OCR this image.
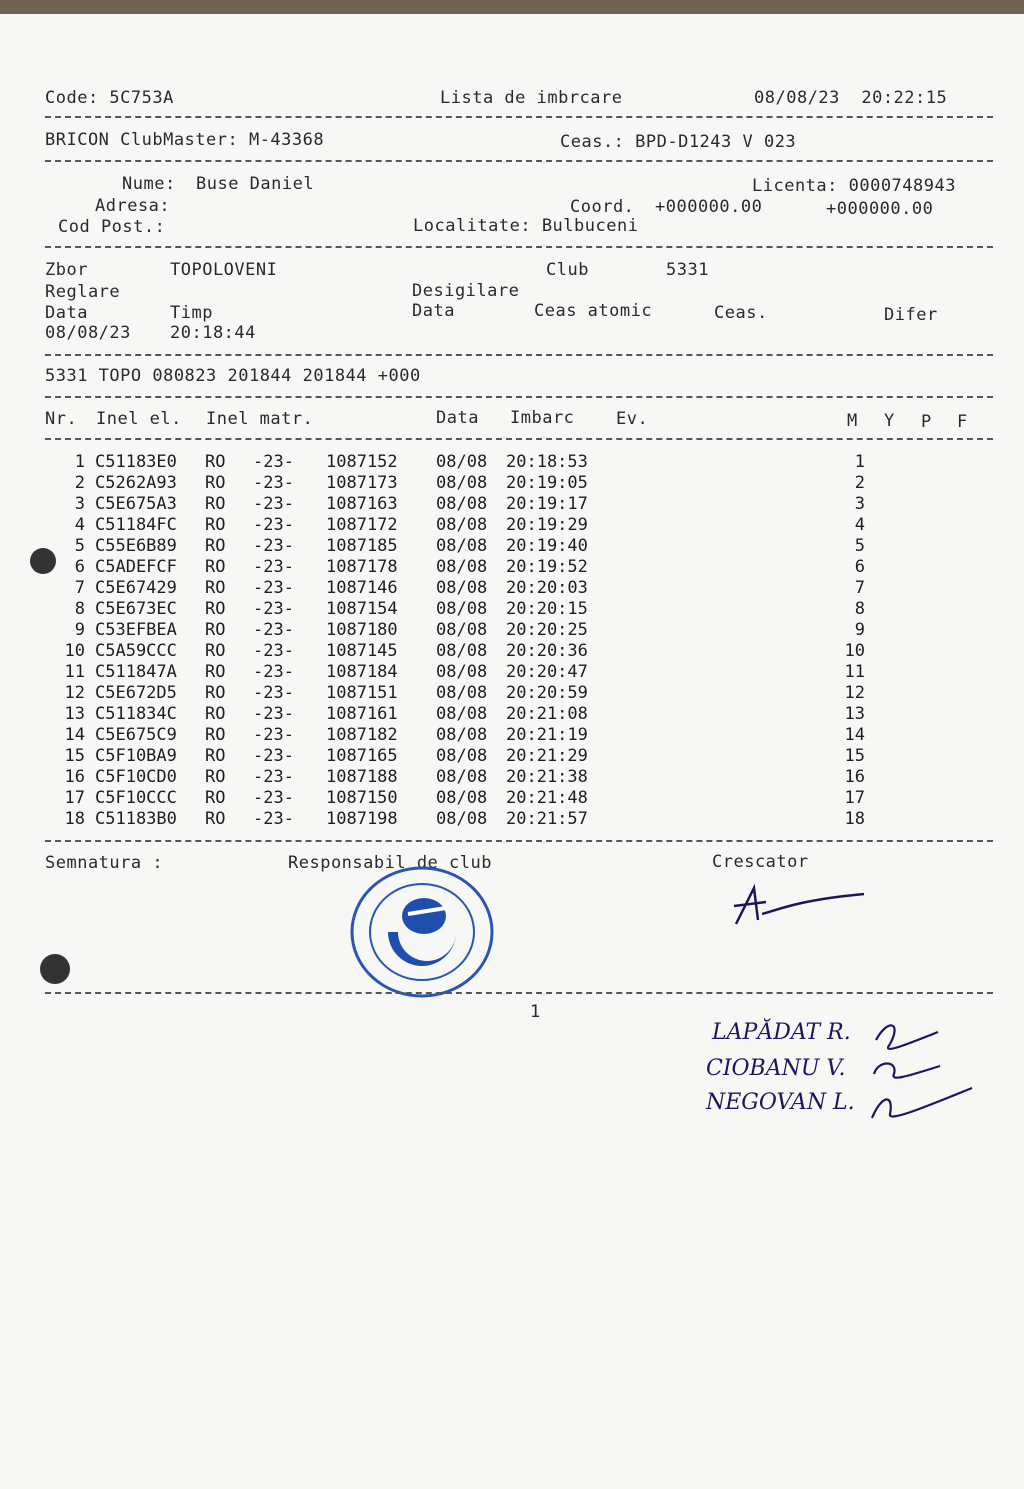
Code: 5C753A	Lista de imbrcare	08/08/23  20:22:15
BRICON ClubMaster: M-43368	Ceas.: BPD-D1243 V 023
Nume: Buse Daniel	Licenta: 0000748943
Adresa:	Coord. +000000.00	+000000.00
Cod Post.:	Localitate: Bulbuceni
Zbor	TOPOLOVENI	Club	5331
Reglare	Desigilare
Data	Timp	Data	Ceas atomic	Ceas.	Difer
08/08/23 20:18:44
5331 TOPO 080823 201844 201844 +000
Nr. Inel el. Inel matr.	Data Imbarc Ev.	M Y P F
1 C51183E0 RO -23- 1087152 08/08 20:18:53	1
2 C5262A93 RO -23- 1087173 08/08 20:19:05	2
3 C5E675A3 RO -23- 1087163 08/08 20:19:17	3
4 C51184FC RO -23- 1087172 08/08 20:19:29	4
5 C55E6B89 RO -23- 1087185 08/08 20:19:40	5
6 C5ADEFCF RO -23- 1087178 08/08 20:19:52	6
7 C5E67429 RO -23- 1087146 08/08 20:20:03	7
8 C5E673EC RO -23- 1087154 08/08 20:20:15	8
9 C53EFBEA RO -23- 1087180 08/08 20:20:25	9
10 C5A59CCC RO -23- 1087145 08/08 20:20:36	10
11 C511847A RO -23- 1087184 08/08 20:20:47	11
12 C5E672D5 RO -23- 1087151 08/08 20:20:59	12
13 C511834C RO -23- 1087161 08/08 20:21:08	13
14 C5E675C9 RO -23- 1087182 08/08 20:21:19	14
15 C5F10BA9 RO -23- 1087165 08/08 20:21:29	15
16 C5F10CD0 RO -23- 1087188 08/08 20:21:38	16
17 C5F10CCC RO -23- 1087150 08/08 20:21:48	17
18 C51183B0 RO -23- 1087198 08/08 20:21:57	18
Semnatura :	Responsabil de club	Crescator
1
LAPĂDAT R.
CIOBANU V.
NEGOVAN L.
